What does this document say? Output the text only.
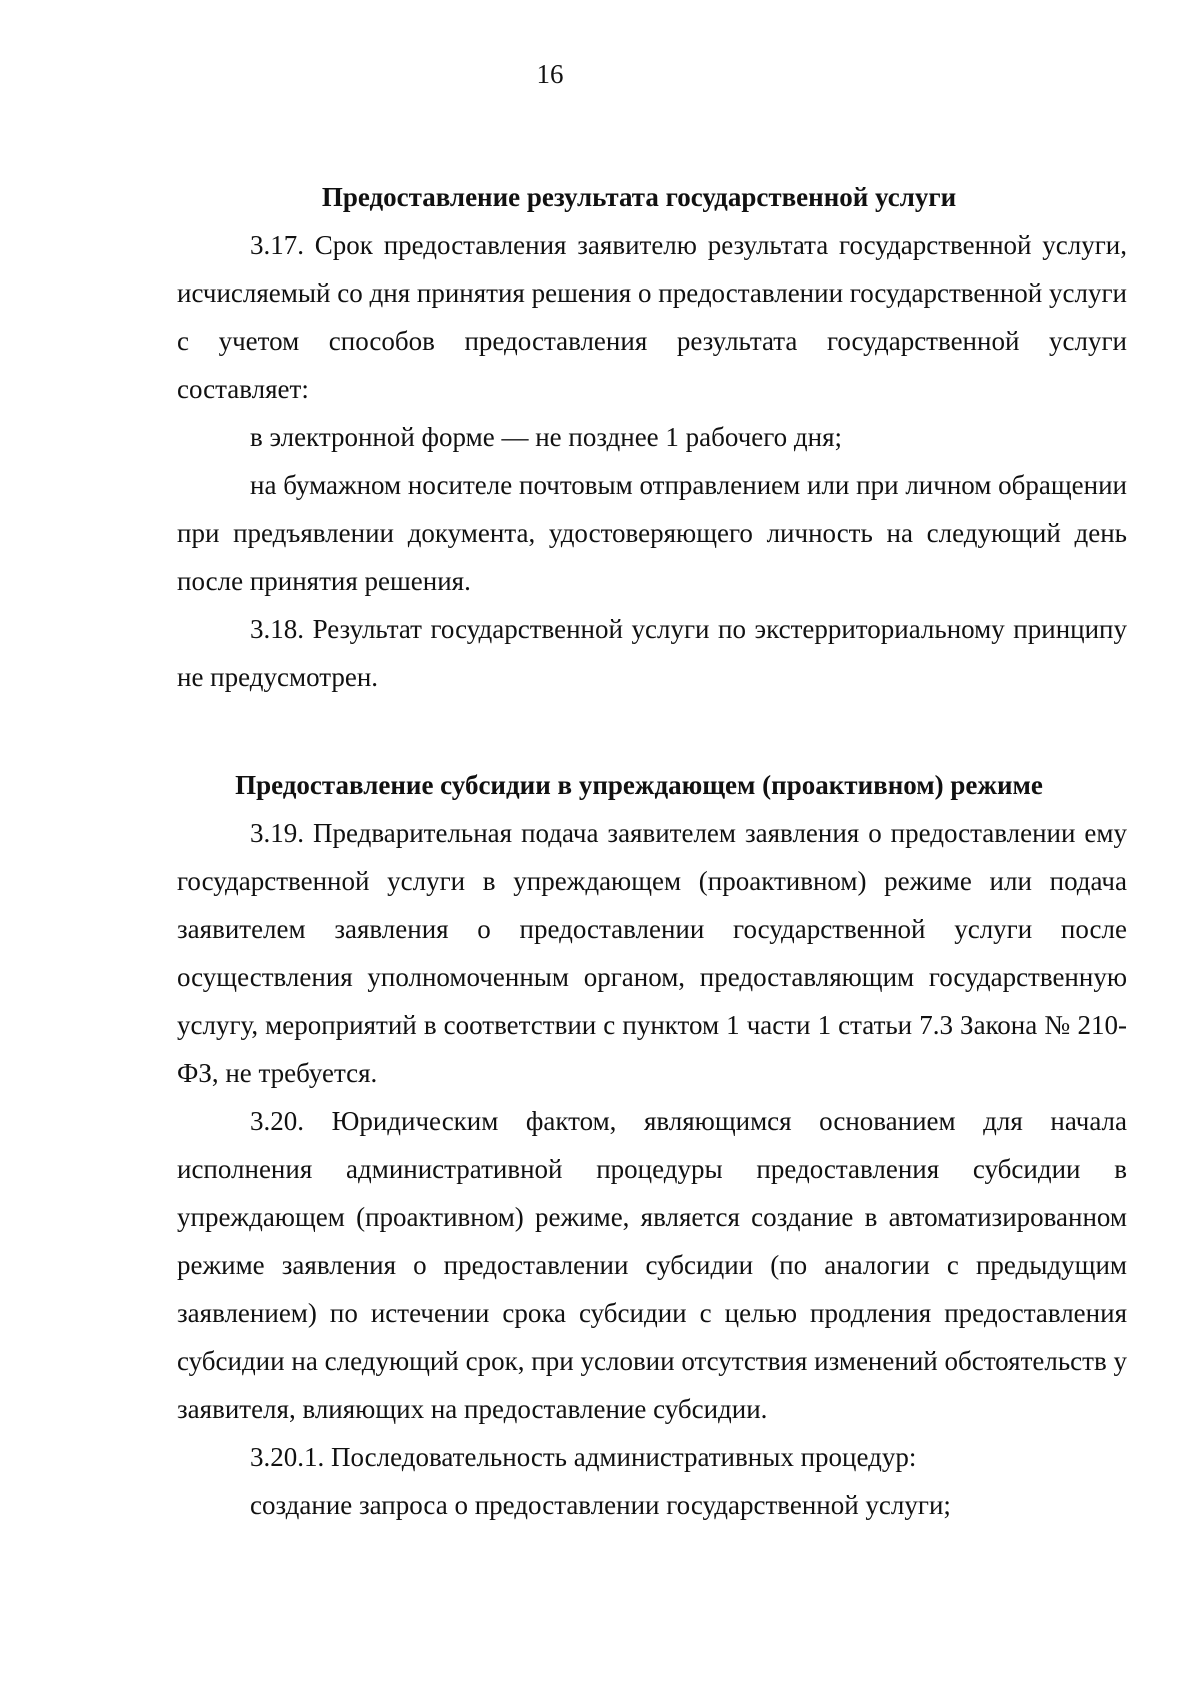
16

Предоставление результата государственной услуги

3.17. Срок предоставления заявителю результата государственной услуги, исчисляемый со дня принятия решения о предоставлении государственной услуги с учетом способов предоставления результата государственной услуги составляет:

в электронной форме — не позднее 1 рабочего дня;

на бумажном носителе почтовым отправлением или при личном обращении при предъявлении документа, удостоверяющего личность на следующий день после принятия решения.

3.18. Результат государственной услуги по экстерриториальному принципу не предусмотрен.

Предоставление субсидии в упреждающем (проактивном) режиме

3.19. Предварительная подача заявителем заявления о предоставлении ему государственной услуги в упреждающем (проактивном) режиме или подача заявителем заявления о предоставлении государственной услуги после осуществления уполномоченным органом, предоставляющим государственную услугу, мероприятий в соответствии с пунктом 1 части 1 статьи 7.3 Закона № 210-ФЗ, не требуется.

3.20. Юридическим фактом, являющимся основанием для начала исполнения административной процедуры предоставления субсидии в упреждающем (проактивном) режиме, является создание в автоматизированном режиме заявления о предоставлении субсидии (по аналогии с предыдущим заявлением) по истечении срока субсидии с целью продления предоставления субсидии на следующий срок, при условии отсутствия изменений обстоятельств у заявителя, влияющих на предоставление субсидии.

3.20.1. Последовательность административных процедур:

создание запроса о предоставлении государственной услуги;
